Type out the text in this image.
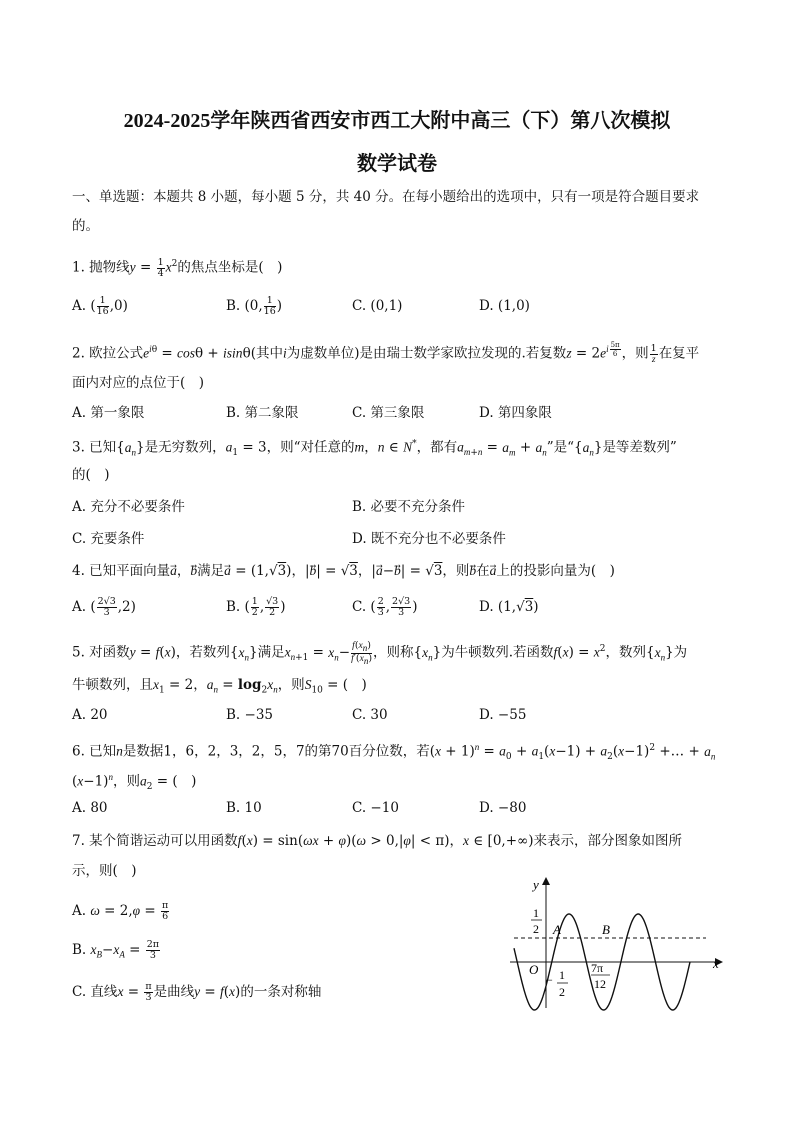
2024-2025学年陕西省西安市西工大附中高三（下）第八次模拟
数学试卷
一、单选题：本题共 8 小题，每小题 5 分，共 40 分。在每小题给出的选项中，只有一项是符合题目要求
的。
1. 抛物线$y = \frac{1}{4} x^2$的焦点坐标是(　)
A. ( $\frac{1}{16} ,0$)	B. (0, $\frac{1}{16}$ )	C. (0,1)	D. (1,0)
2. 欧拉公式$e^{i\theta} = \cos\theta + isin\theta$(其中i为虚数单位)是由瑞士数学家欧拉发现的.若复数$z = 2e^{i \frac{5\pi}{6}}$ ，则 $\frac{1}{z}$ 在复平
面内对应的点位于(　)
A. 第一象限	B. 第二象限	C. 第三象限	D. 第四象限
3. 已知$\{a_n\}$是无穷数列，$a_1 = 3$，则“对任意的m，n ∈ N*，都有$a_{m+n} = a_m + a_n$”是“$\{a_n\}$是等差数列”
的(　)
A. 充分不必要条件	B. 必要不充分条件
C. 充要条件	D. 既不充分也不必要条件
4. 已知平面向量a⃗，b满足a⃗ = (1,√3)，|b⃗| = √3，|a⃗−b⃗| = √3，则b在a上的投影向量为(　)
A. ( $\frac{2√3}{3} ,2$)	B. ( $\frac{1}{2}$ , $\frac{√3}{2}$ )	C. ( $\frac{2}{3}$ , $\frac{2√3}{3}$ )	D. (1,√3)
5. 对函数y = f(x)，若数列$\{x_n\}$满足$x_{n+1} = x_n- \frac{f(x_n)}{f'(x_n)}$ ，则称$\{x_n\}$为牛顿数列.若函数$f(x) = x^2$，数列$\{x_n\}$为
牛顿数列，且$x_1 = 2$，$a_n = \log_2x_n$，则$S_{10}$ = (　)
A. 20	B. −35	C. 30	D. −55
6. 已知n是数据1，6，2，3，2，5，7的第70百分位数，若$(x + 1)^n = a_0 + a_1(x-1) + a_2(x-1)^2$ +… + $a_n$
$(x-1)^n$，则$a_2$ = (　)
A. 80	B. 10	C. −10	D. −80
7. 某个简谐运动可以用函数f(x) = sin(ωx + φ)(ω > 0,|φ| < π)，x ∈ [0,+∞)来表示，部分图象如图所
示，则(　)
A. $\omega = 2,\varphi = \frac{\pi}{6}$
B. $x_B-x_A = \frac{2\pi}{3}$
C. 直线$x = \frac{\pi}{3}$ 是曲线y = f(x)的一条对称轴
x
y
O
A	B
1
2
− 1
2
7π
12
